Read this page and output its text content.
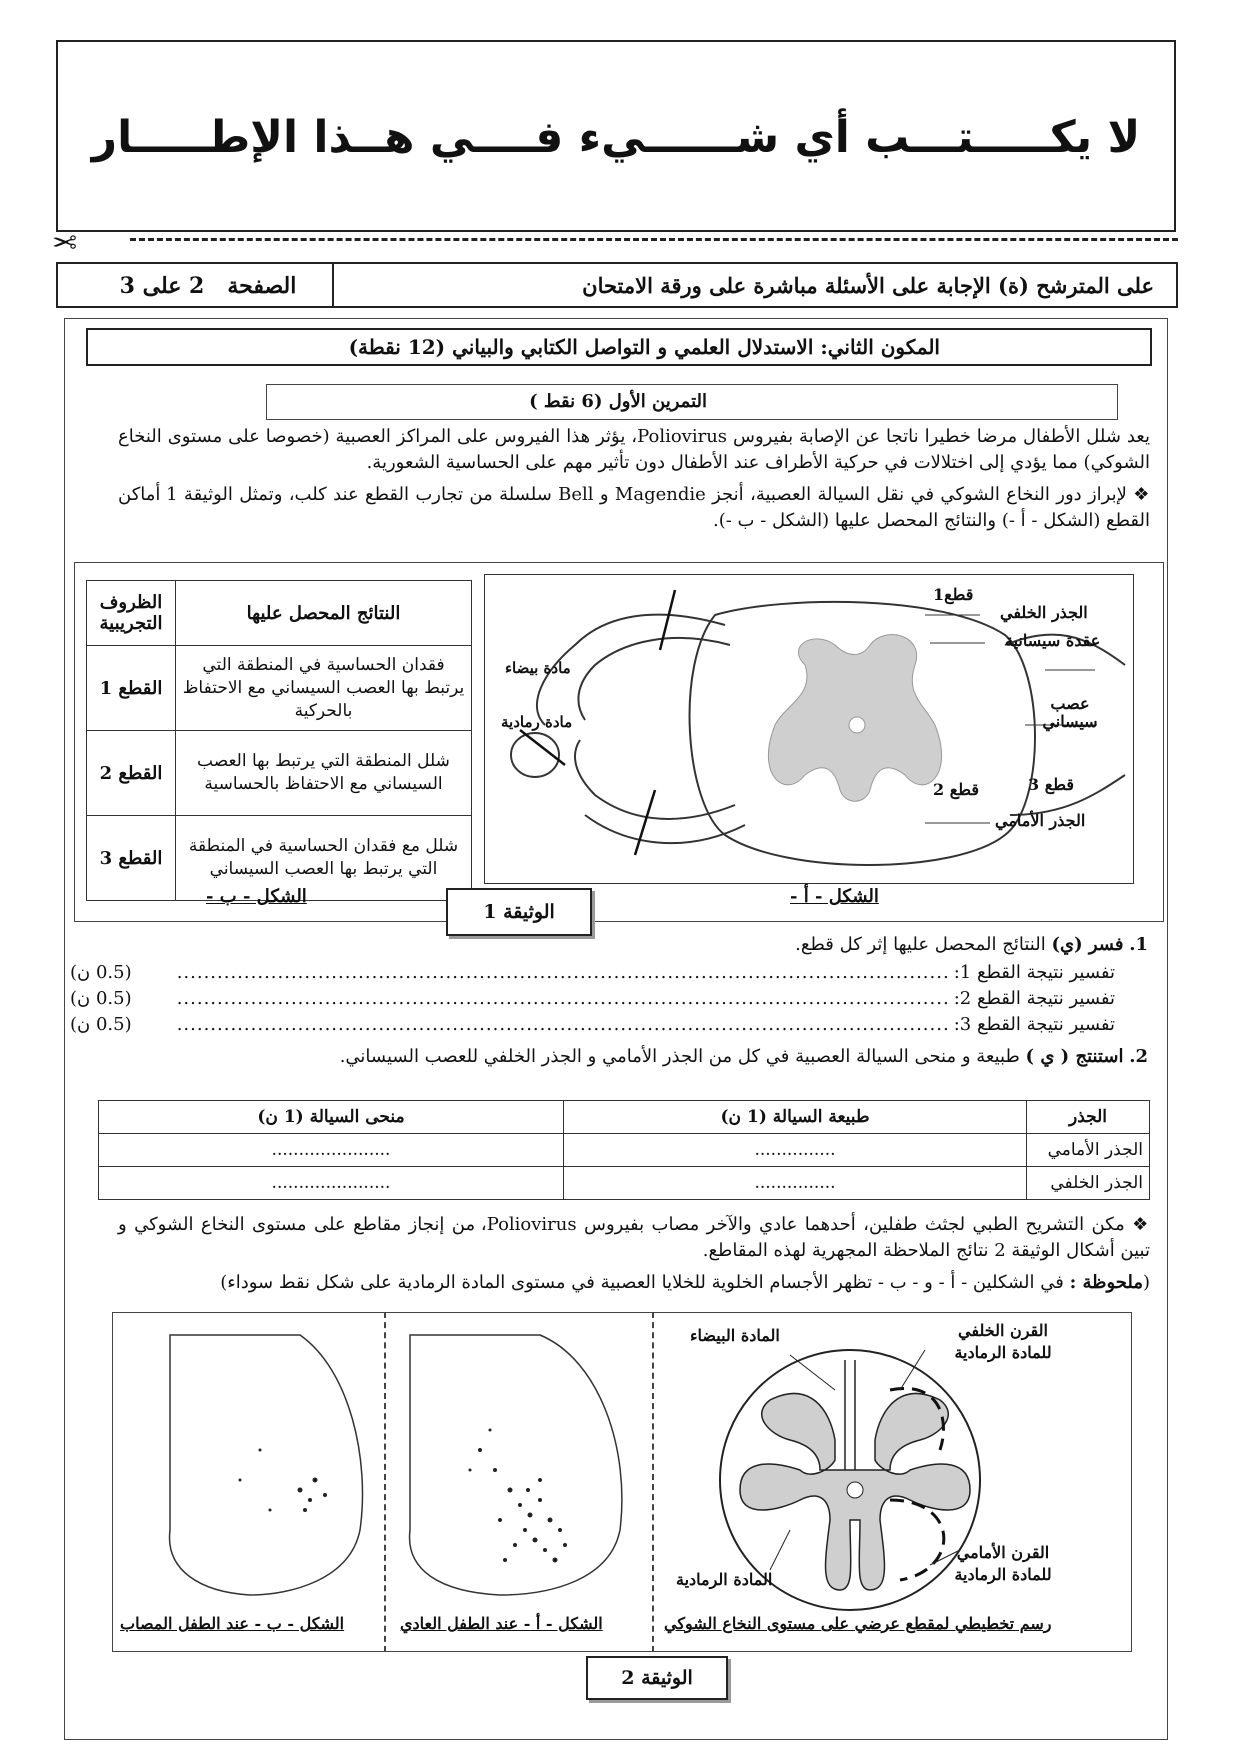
لا يكـــــتـــب أي شــــــيء فــــي هــذا الإطـــــار
✂
على المترشح (ة) الإجابة على الأسئلة مباشرة على ورقة الامتحان
الصفحة   2 على 3
المكون الثاني: الاستدلال العلمي و التواصل الكتابي والبياني (12 نقطة)
التمرين الأول (6 نقط )
يعد شلل الأطفال مرضا خطيرا ناتجا عن الإصابة بفيروس Poliovirus، يؤثر هذا الفيروس على المراكز العصبية (خصوصا على مستوى النخاع الشوكي) مما يؤدي إلى اختلالات في حركية الأطراف عند الأطفال دون تأثير مهم على الحساسية الشعورية.
❖ لإبراز دور النخاع الشوكي في نقل السيالة العصبية، أنجز Magendie و Bell سلسلة من تجارب القطع عند كلب، وتمثل الوثيقة 1 أماكن القطع (الشكل - أ -) والنتائج المحصل عليها (الشكل - ب -).
النتائج المحصل عليها	الظروف التجريبية
فقدان الحساسية في المنطقة التي يرتبط بها العصب السيساني مع الاحتفاظ بالحركية	القطع 1
شلل المنطقة التي يرتبط بها العصب السيساني مع الاحتفاظ بالحساسية	القطع 2
شلل مع فقدان الحساسية في المنطقة التي يرتبط بها العصب السيساني	القطع 3
الجذر الخلفي
عقدة سيسانية
عصب سيساني
قطع 3
قطع 2
قطع1
الجذر الأمامي
مادة بيضاء
مادة رمادية
الشكل - ب -	الشكل - أ -
الوثيقة 1
1. فسر (ي) النتائج المحصل عليها إثر كل قطع.
تفسير نتيجة القطع 1:
...................................................................................................................
(0.5 ن)
تفسير نتيجة القطع 2:
...................................................................................................................
(0.5 ن)
تفسير نتيجة القطع 3:
...................................................................................................................
(0.5 ن)
2. استنتج ( ي ) طبيعة و منحى السيالة العصبية في كل من الجذر الأمامي و الجذر الخلفي للعصب السيساني.
الجذر	طبيعة السيالة (1 ن)	منحى السيالة (1 ن)
الجذر الأمامي	...............	......................
الجذر الخلفي	...............	......................
❖ مكن التشريح الطبي لجثث طفلين، أحدهما عادي والآخر مصاب بفيروس Poliovirus، من إنجاز مقاطع على مستوى النخاع الشوكي و تبين أشكال الوثيقة 2 نتائج الملاحظة المجهرية لهذه المقاطع.
(ملحوظة : في الشكلين - أ - و - ب - تظهر الأجسام الخلوية للخلايا العصبية في مستوى المادة الرمادية على شكل نقط سوداء)
المادة البيضاء	القرن الخلفي للمادة الرمادية
القرن الأمامي للمادة الرمادية
المادة الرمادية
رسم تخطيطي لمقطع عرضي على مستوى النخاع الشوكي
الشكل - أ - عند الطفل العادي
الشكل - ب - عند الطفل المصاب
الوثيقة 2
